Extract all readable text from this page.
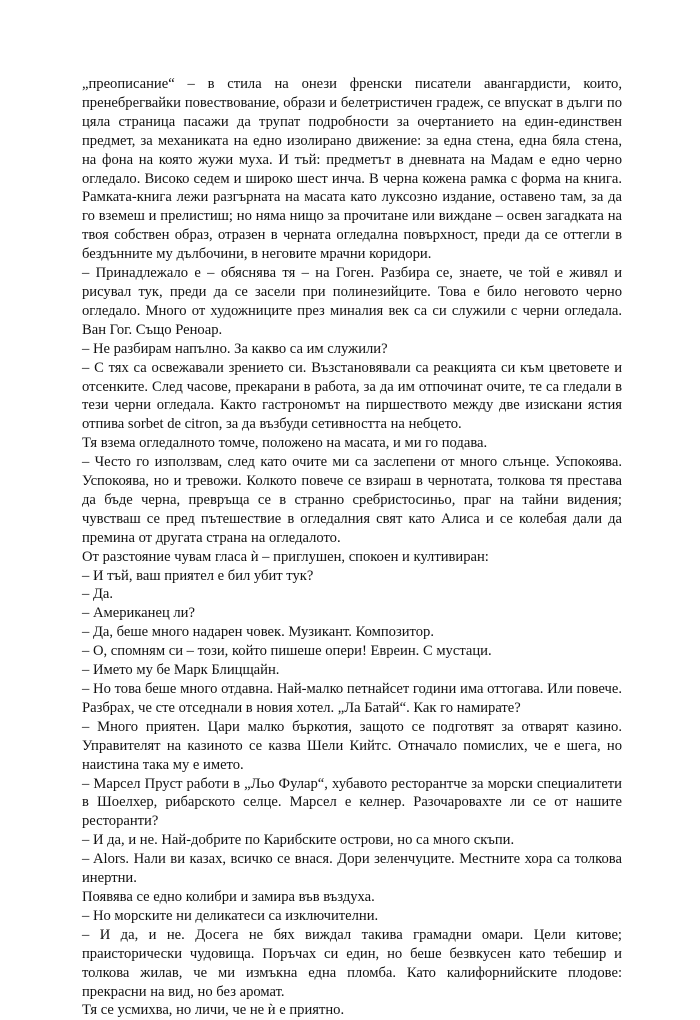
„преописание“ – в стила на онези френски писатели авангардисти, които, пренебрегвайки повествование, образи и белетристичен градеж, се впускат в дълги по цяла страница пасажи да трупат подробности за очертанието на един-единствен предмет, за механиката на едно изолирано движение: за една стена, една бяла стена, на фона на която жужи муха. И тъй: предметът в дневната на Мадам е едно черно огледало. Високо седем и широко шест инча. В черна кожена рамка с форма на книга. Рамката-книга лежи разгърната на масата като луксозно издание, оставено там, за да го вземеш и прелистиш; но няма нищо за прочитане или виждане – освен загадката на твоя собствен образ, отразен в черната огледална повърхност, преди да се оттегли в бездънните му дълбочини, в неговите мрачни коридори.

– Принадлежало е – обяснява тя – на Гоген. Разбира се, знаете, че той е живял и рисувал тук, преди да се засели при полинезийците. Това е било неговото черно огледало. Много от художниците през миналия век са си служили с черни огледала. Ван Гог. Също Реноар.

– Не разбирам напълно. За какво са им служили?

– С тях са освежавали зрението си. Възстановявали са реакцията си към цветовете и отсенките. След часове, прекарани в работа, за да им отпочинат очите, те са гледали в тези черни огледала. Както гастрономът на пиршеството между две изискани ястия отпива sorbet de citron, за да възбуди сетивността на небцето.

Тя взема огледалното томче, положено на масата, и ми го подава.

– Често го използвам, след като очите ми са заслепени от много слънце. Успокоява. Успокоява, но и тревожи. Колкото повече се взираш в чернотата, толкова тя престава да бъде черна, превръща се в странно сребристосиньо, праг на тайни видения; чувстваш се пред пътешествие в огледалния свят като Алиса и се колебая дали да премина от другата страна на огледалото.

От разстояние чувам гласа ѝ – приглушен, спокоен и култивиран:

– И тъй, ваш приятел е бил убит тук?

– Да.

– Американец ли?

– Да, беше много надарен човек. Музикант. Композитор.

– О, спомням си – този, който пишеше опери! Евреин. С мустаци.

– Името му бе Марк Блицщайн.

– Но това беше много отдавна. Най-малко петнайсет години има оттогава. Или повече. Разбрах, че сте отседнали в новия хотел. „Ла Батай“. Как го намирате?

– Много приятен. Цари малко бъркотия, защото се подготвят за отварят казино. Управителят на казиното се казва Шели Кийтс. Отначало помислих, че е шега, но наистина така му е името.

– Марсел Пруст работи в „Льо Фулар“, хубавото ресторантче за морски специалитети в Шоелхер, рибарското селце. Марсел е келнер. Разочаровахте ли се от нашите ресторанти?

– И да, и не. Най-добрите по Карибските острови, но са много скъпи.

– Alors. Нали ви казах, всичко се внася. Дори зеленчуците. Местните хора са толкова инертни.

Появява се едно колибри и замира във въздуха.

– Но морските ни деликатеси са изключителни.

– И да, и не. Досега не бях виждал такива грамадни омари. Цели китове; праисторически чудовища. Поръчах си един, но беше безвкусен като тебешир и толкова жилав, че ми измъкна една пломба. Като калифорнийските плодове: прекрасни на вид, но без аромат.

Тя се усмихва, но личи, че не ѝ е приятно.
